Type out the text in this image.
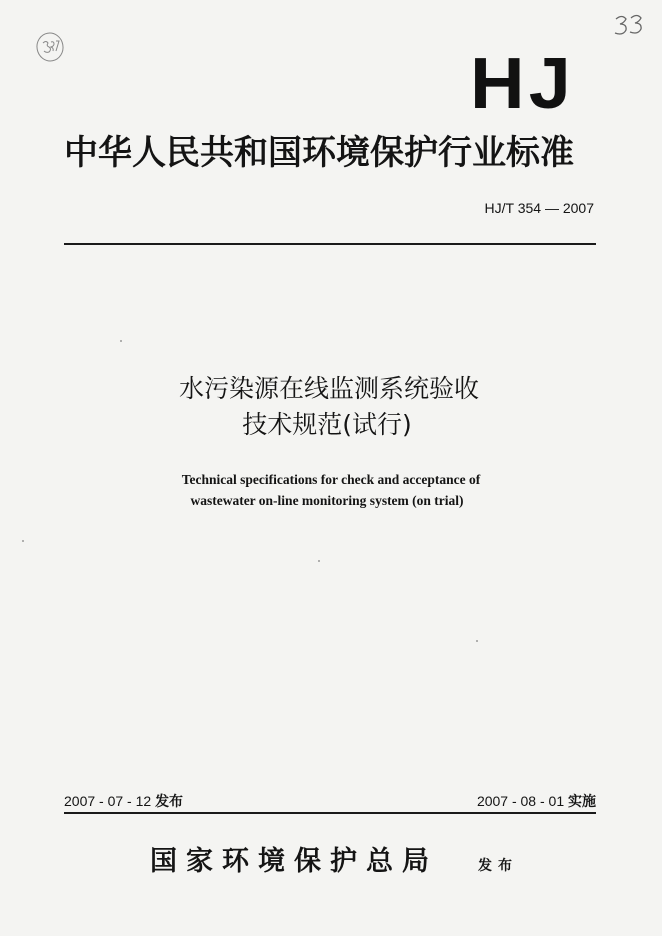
HJ
中华人民共和国环境保护行业标准
HJ/T 354 — 2007
水污染源在线监测系统验收
技术规范(试行)
Technical specifications for check and acceptance of
wastewater on-line monitoring system (on trial)
2007 - 07 - 12 发布	2007 - 08 - 01 实施
国家环境保护总局	发布
